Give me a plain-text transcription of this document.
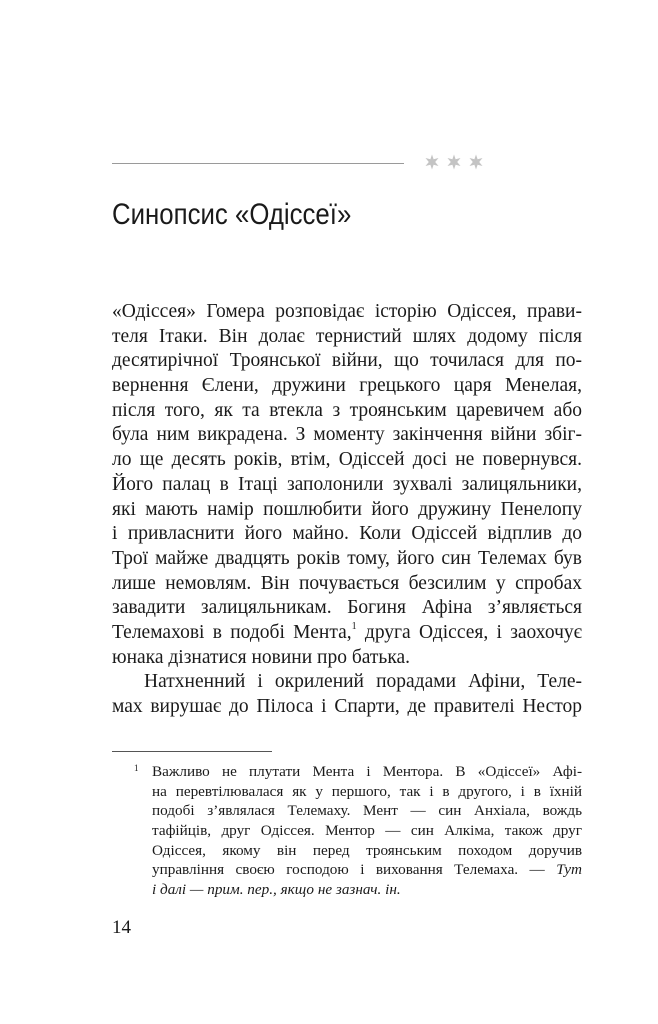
Синопсис «Одіссеї»
«Одіссея» Гомера розповідає історію Одіссея, прави-
теля Ітаки. Він долає тернистий шлях додому після
десятирічної Троянської війни, що точилася для по-
вернення Єлени, дружини грецького царя Менелая,
після того, як та втекла з троянським царевичем або
була ним викрадена. З моменту закінчення війни збіг-
ло ще десять років, втім, Одіссей досі не повернувся.
Його палац в Ітаці заполонили зухвалі залицяльники,
які мають намір пошлюбити його дружину Пенелопу
і привласнити його майно. Коли Одіссей відплив до
Трої майже двадцять років тому, його син Телемах був
лише немовлям. Він почувається безсилим у спробах
завадити залицяльникам. Богиня Афіна з’являється
Телемахові в подобі Мента,$^1$ друга Одіссея, і заохочує
юнака дізнатися новини про батька.
Натхненний і окрилений порадами Афіни, Теле-
мах вирушає до Пілоса і Спарти, де правителі Нестор
1 Важливо не плутати Мента і Ментора. В «Одіссеї» Афі-
на перевтілювалася як у першого, так і в другого, і в їхній
подобі з’являлася Телемаху. Мент — син Анхіала, вождь
тафійців, друг Одіссея. Ментор — син Алкіма, також друг
Одіссея, якому він перед троянським походом доручив
управління своєю господою і виховання Телемаха. — Тут
і далі — прим. пер., якщо не зазнач. ін.
14
